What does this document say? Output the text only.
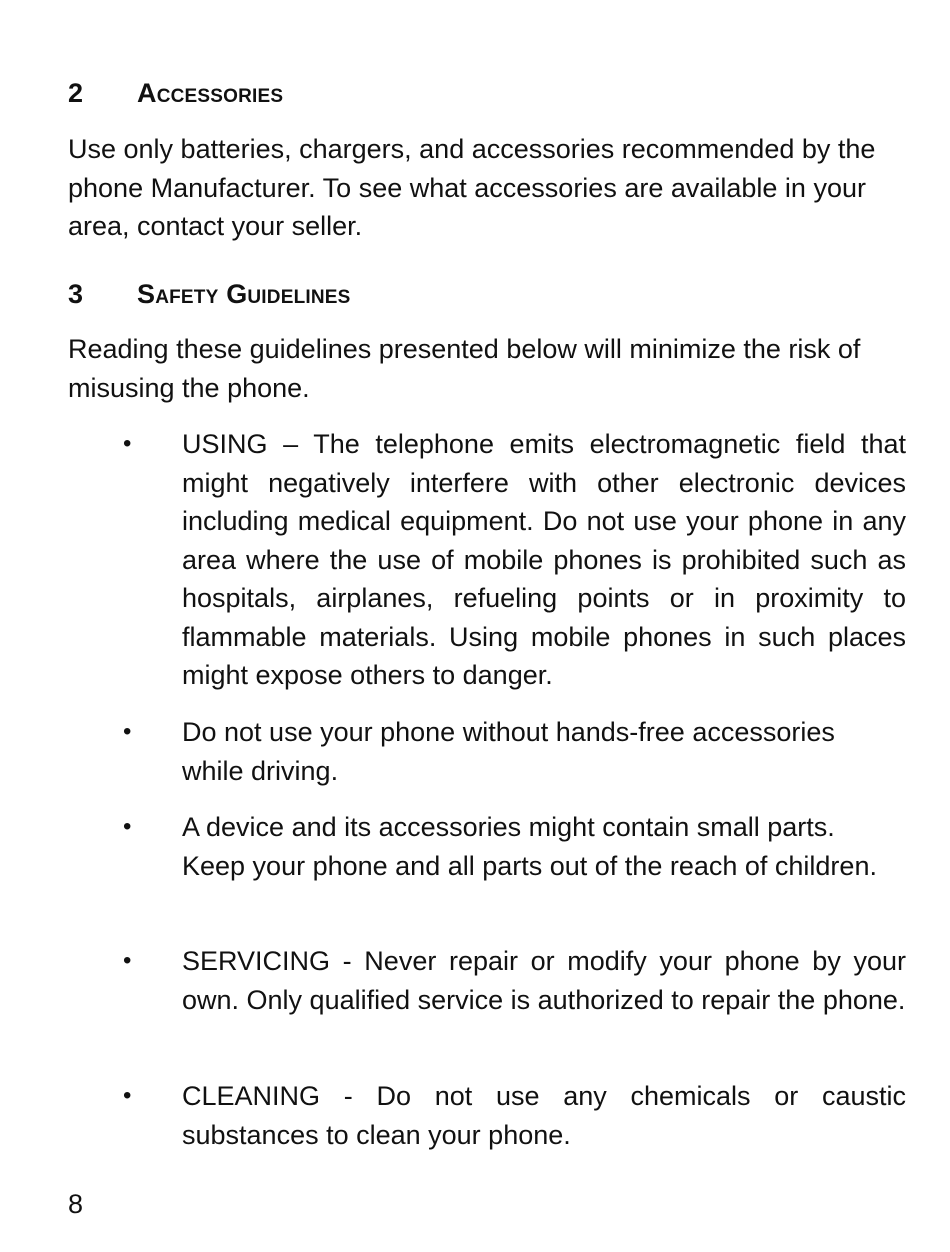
2	Accessories

Use only batteries, chargers, and accessories recommended by the phone Manufacturer. To see what accessories are available in your area, contact your seller.

3	Safety Guidelines

Reading these guidelines presented below will minimize the risk of misusing the phone.

• USING – The telephone emits electromagnetic field that might negatively interfere with other electronic devices including medical equipment. Do not use your phone in any area where the use of mobile phones is prohibited such as hospitals, airplanes, refueling points or in proximity to flammable materials. Using mobile phones in such places might expose others to danger.

• Do not use your phone without hands-free accessories while driving.

• A device and its accessories might contain small parts. Keep your phone and all parts out of the reach of children.

• SERVICING - Never repair or modify your phone by your own. Only qualified service is authorized to repair the phone.

• CLEANING - Do not use any chemicals or caustic substances to clean your phone.

8
